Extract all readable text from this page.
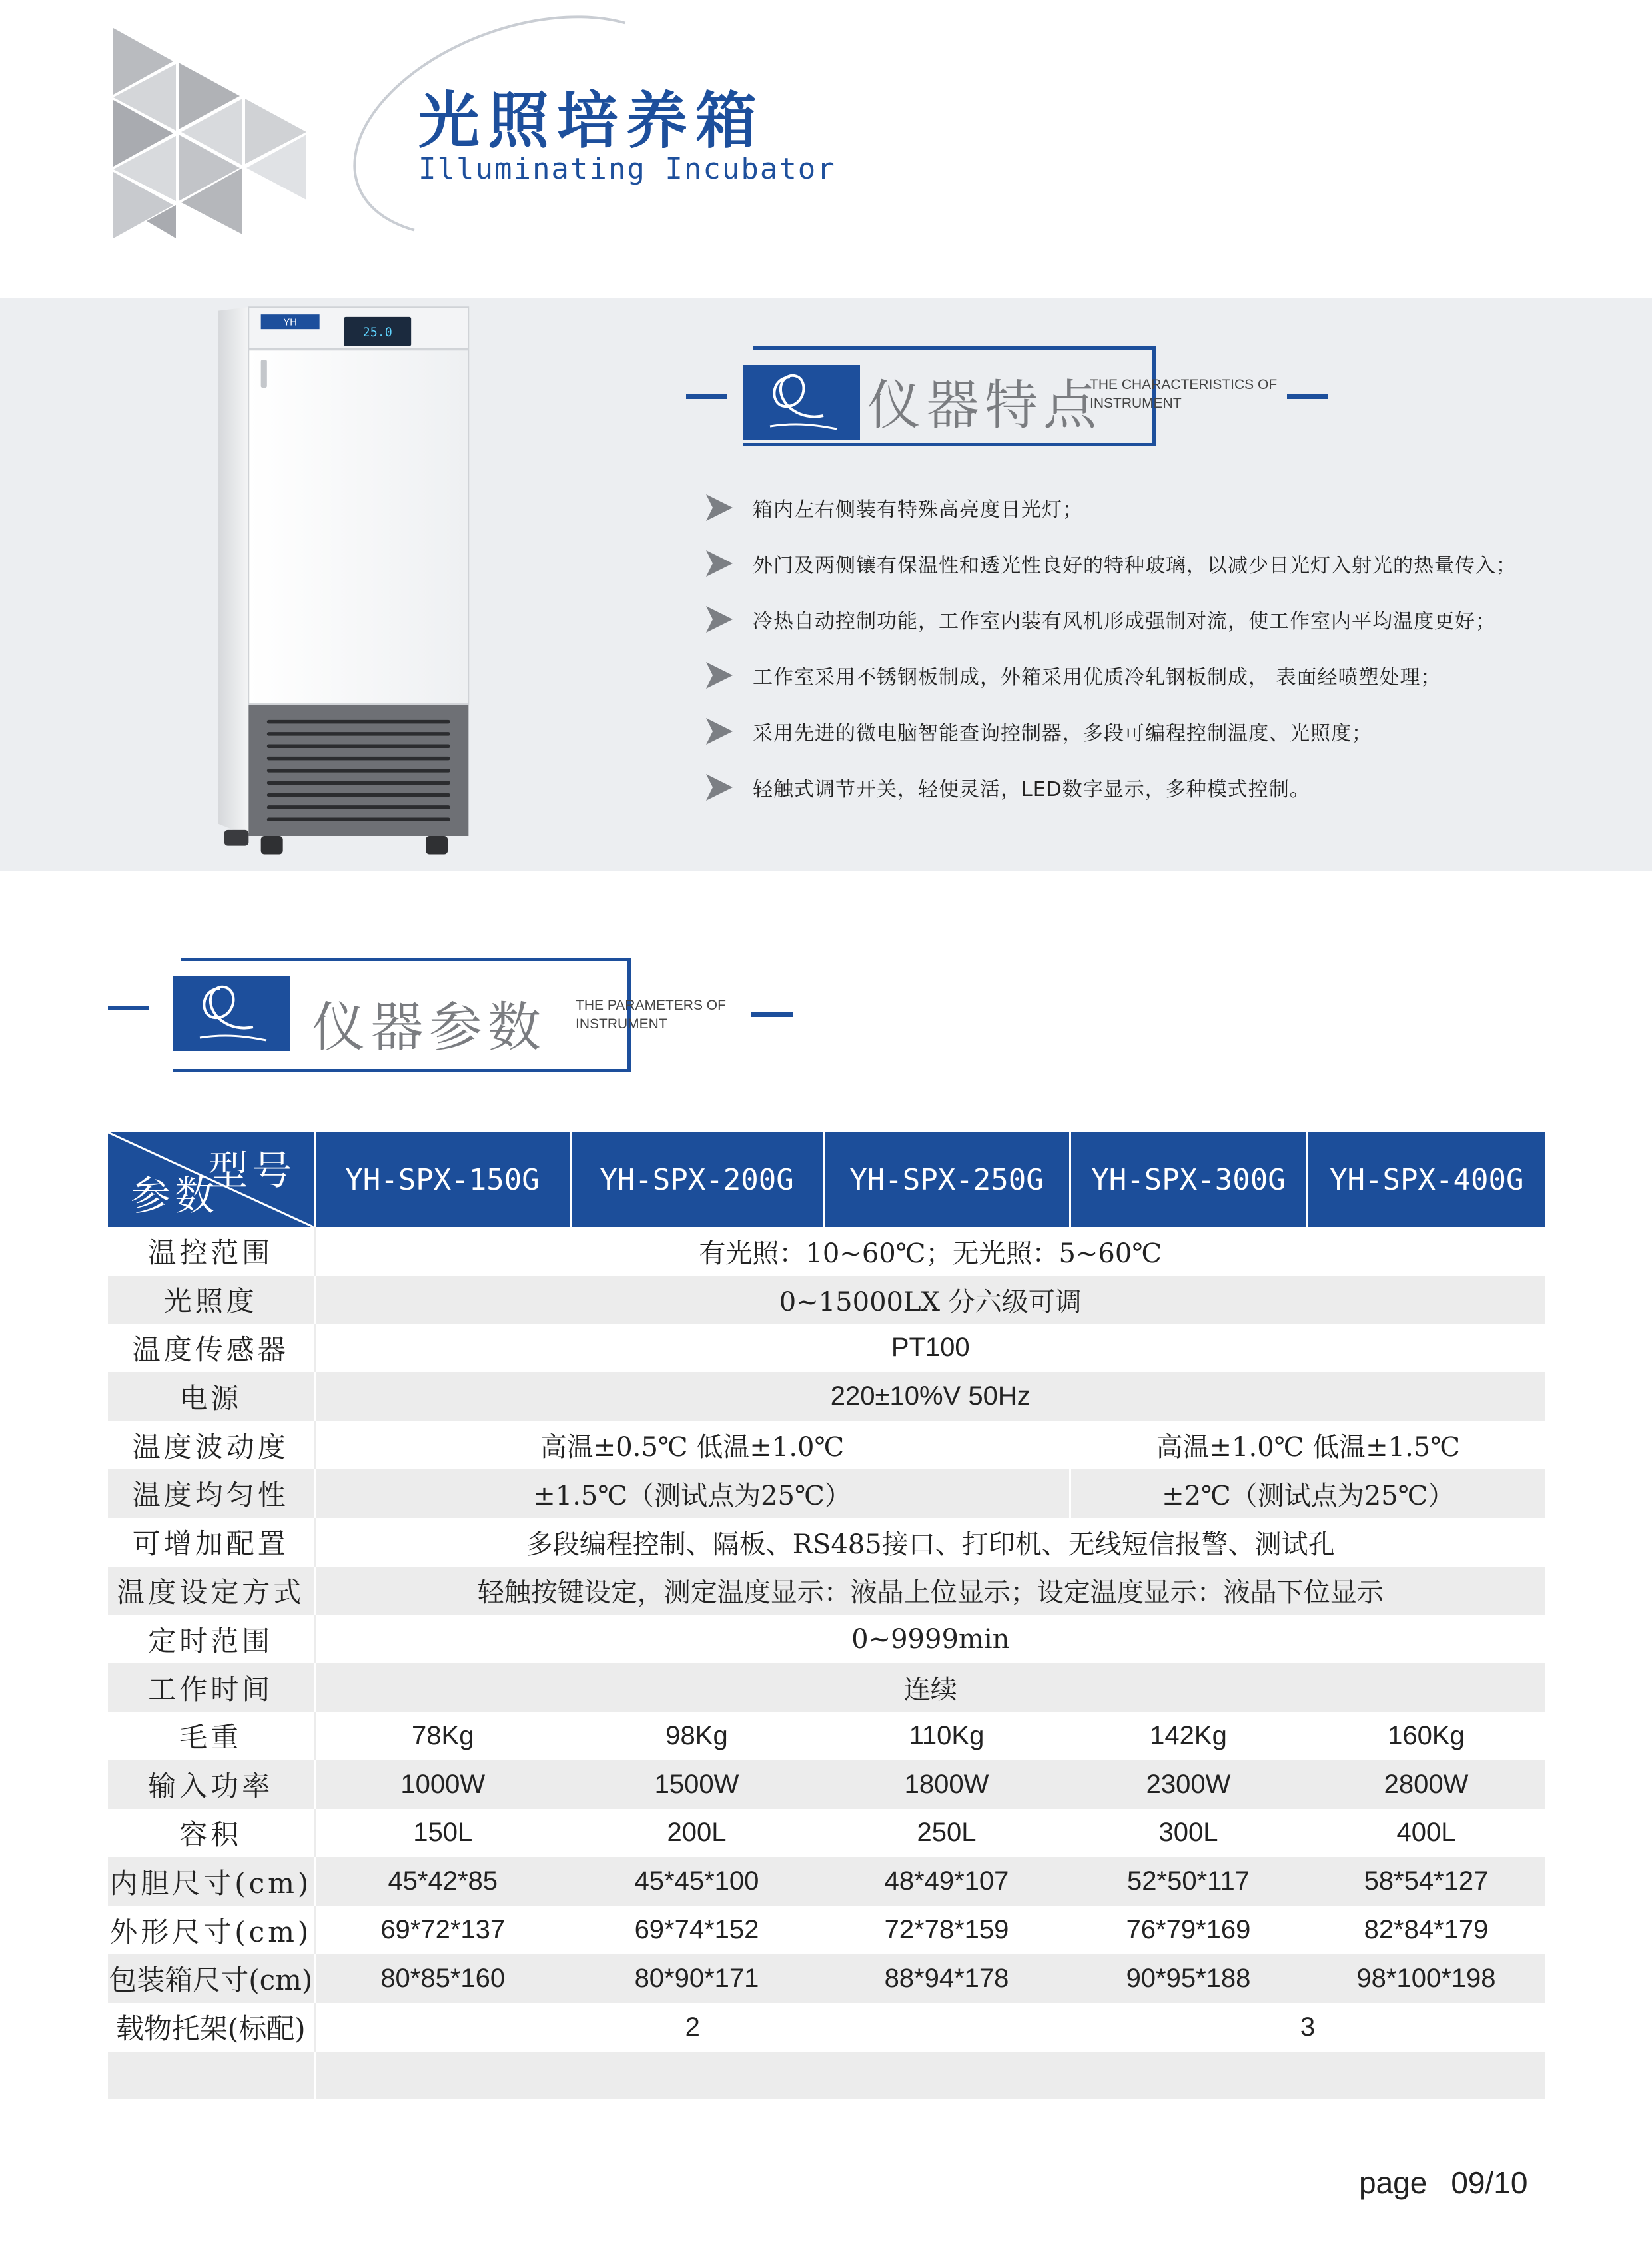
光照培养箱
Illuminating Incubator
YH
25.0
仪器特点
THE CHARACTERISTICS OF
INSTRUMENT
箱内左右侧装有特殊高亮度日光灯；
外门及两侧镶有保温性和透光性良好的特种玻璃，以减少日光灯入射光的热量传入；
冷热自动控制功能，工作室内装有风机形成强制对流，使工作室内平均温度更好；
工作室采用不锈钢板制成，外箱采用优质冷轧钢板制成， 表面经喷塑处理；
采用先进的微电脑智能查询控制器，多段可编程控制温度、光照度；
轻触式调节开关，轻便灵活，LED数字显示，多种模式控制。
仪器参数 THE PARAMETERS OF
INSTRUMENT
型号
参数	YH-SPX-150G	YH-SPX-200G	YH-SPX-250G	YH-SPX-300G	YH-SPX-400G
温控范围	有光照：10~60℃；无光照：5~60℃				
光照度	0~15000LX 分六级可调				
温度传感器	PT100				
电源	220±10%V 50Hz				
温度波动度	高温±0.5℃ 低温±1.0℃			高温±1.0℃ 低温±1.5℃	
温度均匀性	±1.5℃（测试点为25℃）			±2℃（测试点为25℃）	
可增加配置	多段编程控制、隔板、RS485接口、打印机、无线短信报警、测试孔				
温度设定方式	轻触按键设定，测定温度显示：液晶上位显示；设定温度显示：液晶下位显示				
定时范围	0~9999min				
工作时间	连续				
毛重	78Kg	98Kg	110Kg	142Kg	160Kg
输入功率	1000W	1500W	1800W	2300W	2800W
容积	150L	200L	250L	300L	400L
内胆尺寸(cm)	45*42*85	45*45*100	48*49*107	52*50*117	58*54*127
外形尺寸(cm)	69*72*137	69*74*152	72*78*159	76*79*169	82*84*179
包装箱尺寸(cm)	80*85*160	80*90*171	88*94*178	90*95*188	98*100*198
载物托架(标配)	2			3	

page 09/10
